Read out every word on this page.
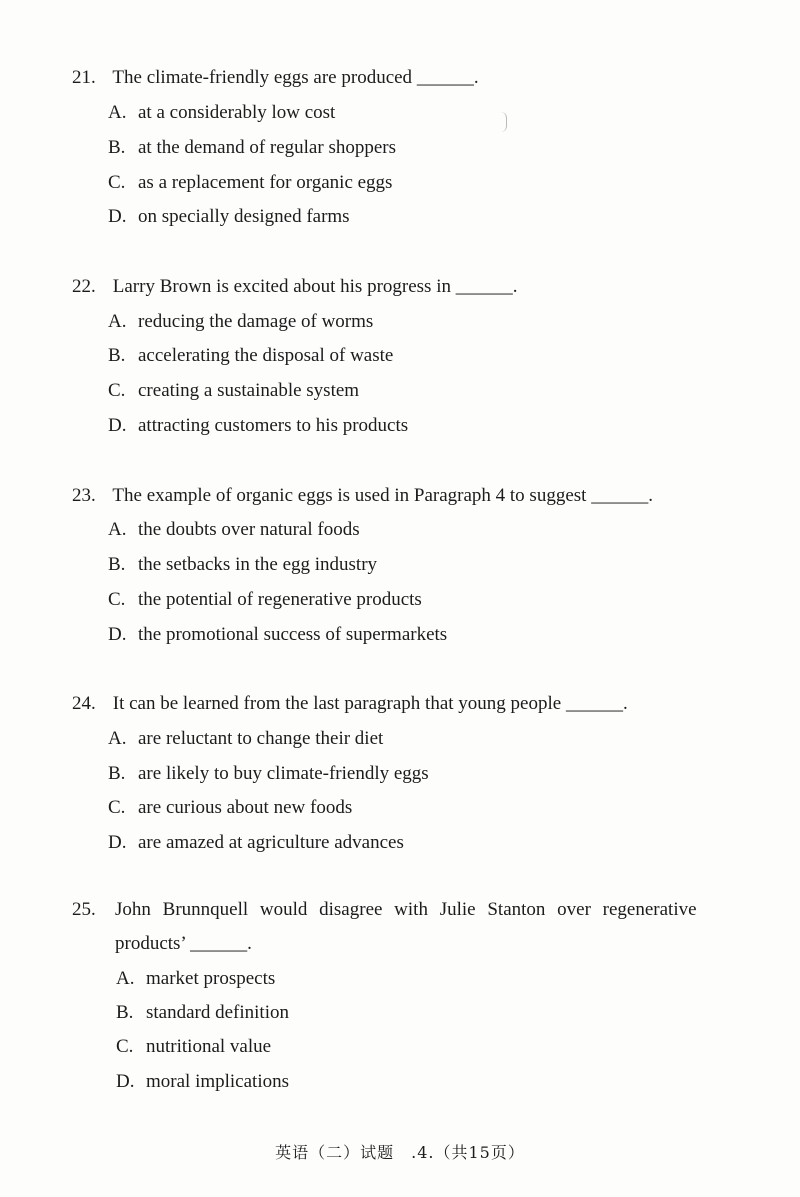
21. The climate-friendly eggs are produced ______.
A. at a considerably low cost
B. at the demand of regular shoppers
C. as a replacement for organic eggs
D. on specially designed farms
22. Larry Brown is excited about his progress in ______.
A. reducing the damage of worms
B. accelerating the disposal of waste
C. creating a sustainable system
D. attracting customers to his products
23. The example of organic eggs is used in Paragraph 4 to suggest ______.
A. the doubts over natural foods
B. the setbacks in the egg industry
C. the potential of regenerative products
D. the promotional success of supermarkets
24. It can be learned from the last paragraph that young people ______.
A. are reluctant to change their diet
B. are likely to buy climate-friendly eggs
C. are curious about new foods
D. are amazed at agriculture advances
25. John Brunnquell would disagree with Julie Stanton over regenerative
products’ ______.
A. market prospects
B. standard definition
C. nutritional value
D. moral implications
英语（二）试题　.4.（共15页）
